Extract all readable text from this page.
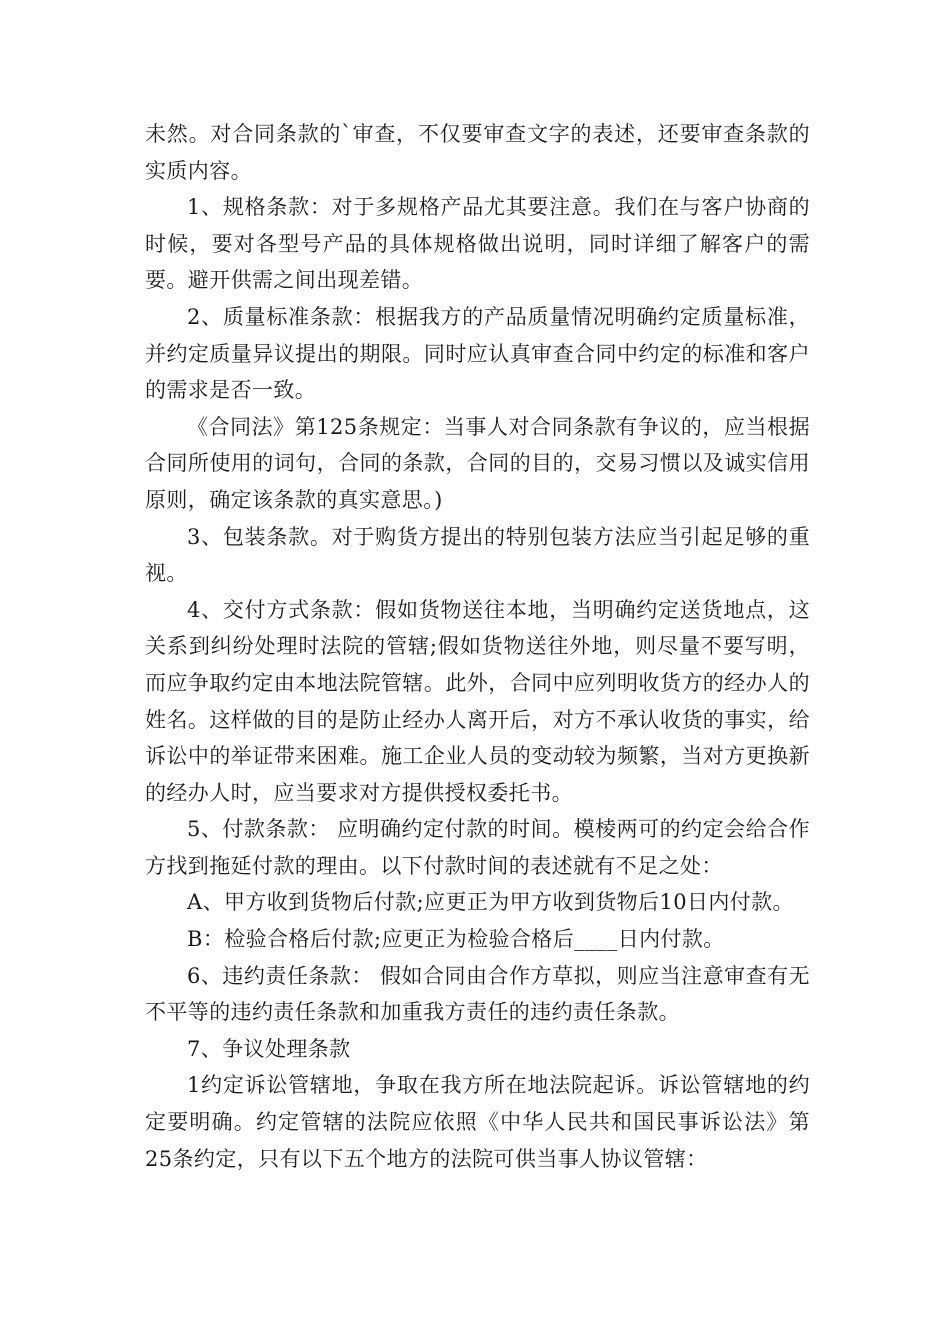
未然。对合同条款的`审查，不仅要审查文字的表述，还要审查条款的实质内容。

1、规格条款：对于多规格产品尤其要注意。我们在与客户协商的时候，要对各型号产品的具体规格做出说明，同时详细了解客户的需要。避开供需之间出现差错。

2、质量标准条款：根据我方的产品质量情况明确约定质量标准，并约定质量异议提出的期限。同时应认真审查合同中约定的标准和客户的需求是否一致。

《合同法》第125条规定：当事人对合同条款有争议的，应当根据合同所使用的词句，合同的条款，合同的目的，交易习惯以及诚实信用原则，确定该条款的真实意思。)

3、包装条款。对于购货方提出的特别包装方法应当引起足够的重视。

4、交付方式条款：假如货物送往本地，当明确约定送货地点，这关系到纠纷处理时法院的管辖;假如货物送往外地，则尽量不要写明，而应争取约定由本地法院管辖。此外，合同中应列明收货方的经办人的姓名。这样做的目的是防止经办人离开后，对方不承认收货的事实，给诉讼中的举证带来困难。施工企业人员的变动较为频繁，当对方更换新的经办人时，应当要求对方提供授权委托书。

5、付款条款： 应明确约定付款的时间。模棱两可的约定会给合作方找到拖延付款的理由。以下付款时间的表述就有不足之处：

A、甲方收到货物后付款;应更正为甲方收到货物后10日内付款。

B：检验合格后付款;应更正为检验合格后____日内付款。

6、违约责任条款： 假如合同由合作方草拟，则应当注意审查有无不平等的违约责任条款和加重我方责任的违约责任条款。

7、争议处理条款

1约定诉讼管辖地，争取在我方所在地法院起诉。诉讼管辖地的约定要明确。约定管辖的法院应依照《中华人民共和国民事诉讼法》第25条约定，只有以下五个地方的法院可供当事人协议管辖：
